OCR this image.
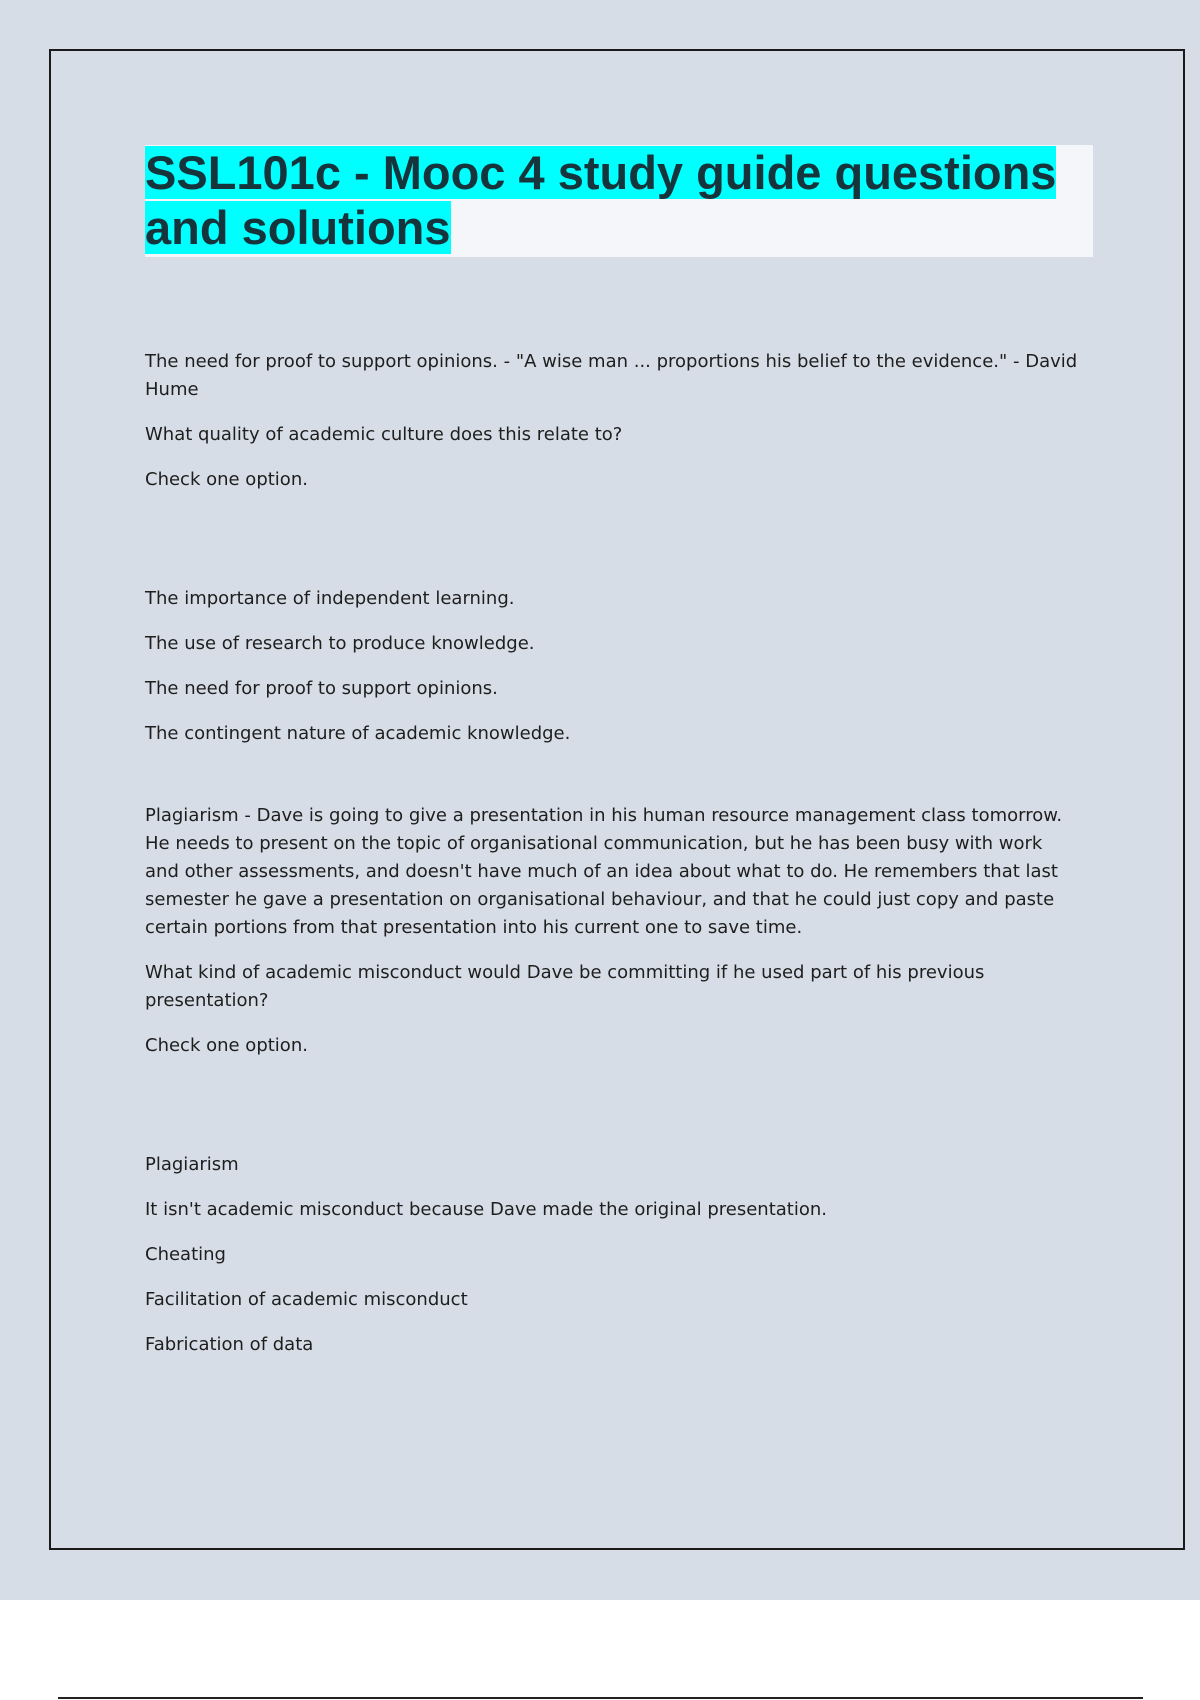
SSL101c - Mooc 4 study guide questions and solutions

The need for proof to support opinions. - "A wise man ... proportions his belief to the evidence." - David Hume

What quality of academic culture does this relate to?

Check one option.

The importance of independent learning.

The use of research to produce knowledge.

The need for proof to support opinions.

The contingent nature of academic knowledge.

Plagiarism - Dave is going to give a presentation in his human resource management class tomorrow. He needs to present on the topic of organisational communication, but he has been busy with work and other assessments, and doesn't have much of an idea about what to do. He remembers that last semester he gave a presentation on organisational behaviour, and that he could just copy and paste certain portions from that presentation into his current one to save time.

What kind of academic misconduct would Dave be committing if he used part of his previous presentation?

Check one option.

Plagiarism

It isn't academic misconduct because Dave made the original presentation.

Cheating

Facilitation of academic misconduct

Fabrication of data
